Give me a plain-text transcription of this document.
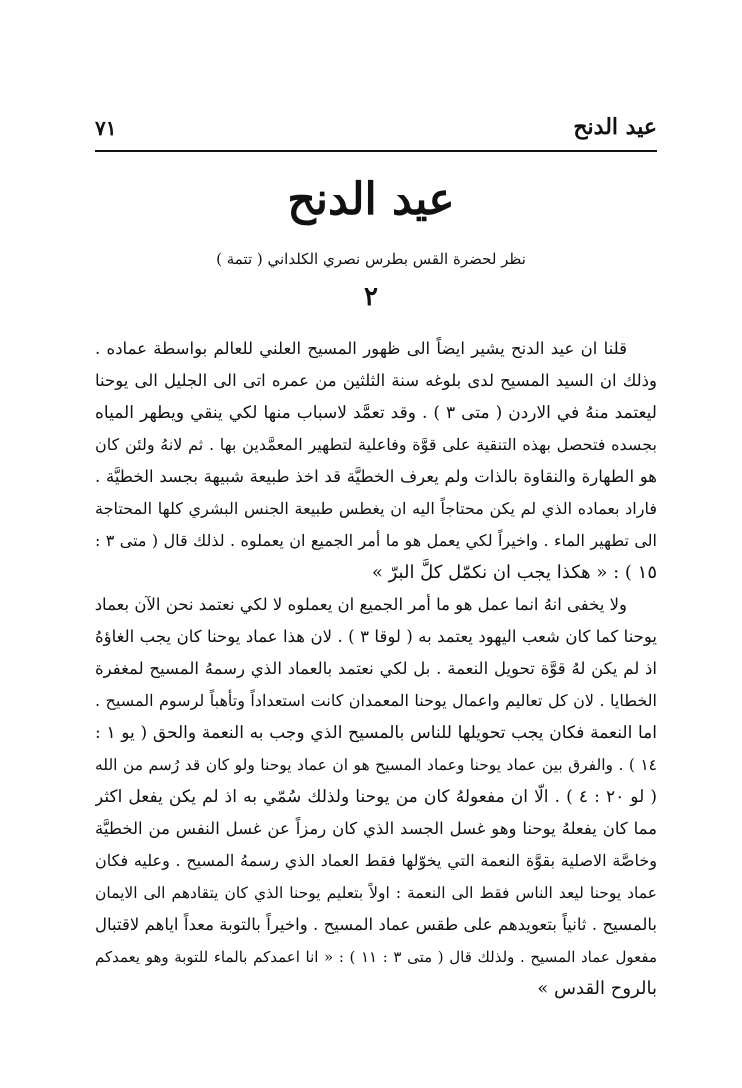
عيد الدنح
٧١
عيد الدنح
نظر لحضرة القس بطرس نصري الكلداني ( تتمة )
٢
قلنا ان عيد الدنح يشير ايضاً الى ظهور المسيح العلني للعالم بواسطة عماده .
وذلك ان السيد المسيح لدى بلوغه سنة الثلثين من عمره اتى الى الجليل الى يوحنا
ليعتمد منهُ في الاردن ( متى ٣ ) . وقد تعمَّد لاسباب منها لكي ينقي ويطهر المياه
بجسده فتحصل بهذه التنقية على قوَّة وفاعلية لتطهير المعمَّدين بها . ثم لانهُ ولئن كان
هو الطهارة والنقاوة بالذات ولم يعرف الخطيَّة قد اخذ طبيعة شبيهة بجسد الخطيَّة .
فاراد بعماده الذي لم يكن محتاجاً اليه ان يغطس طبيعة الجنس البشري كلها المحتاجة
الى تطهير الماء . واخيراً لكي يعمل هو ما أمر الجميع ان يعملوه . لذلك قال ( متى ٣ :
١٥ ) : « هكذا يجب ان نكمّل كلَّ البرّ »
ولا يخفى انهُ انما عمل هو ما أمر الجميع ان يعملوه لا لكي نعتمد نحن الآن بعماد
يوحنا كما كان شعب اليهود يعتمد به ( لوقا ٣ ) . لان هذا عماد يوحنا كان يجب الغاؤهُ
اذ لم يكن لهُ قوَّة تحويل النعمة . بل لكي نعتمد بالعماد الذي رسمهُ المسيح لمغفرة
الخطايا . لان كل تعاليم واعمال يوحنا المعمدان كانت استعداداً وتأهباً لرسوم المسيح .
اما النعمة فكان يجب تحويلها للناس بالمسيح الذي وجب به النعمة والحق ( يو ١ :
١٤ ) . والفرق بين عماد يوحنا وعماد المسيح هو ان عماد يوحنا ولو كان قد رُسم من الله
( لو ٢٠ : ٤ ) . الّا ان مفعولهُ كان من يوحنا ولذلك سُمّي به اذ لم يكن يفعل اكثر
مما كان يفعلهُ يوحنا وهو غسل الجسد الذي كان رمزاً عن غسل النفس من الخطيَّة
وخاصَّة الاصلية بقوَّة النعمة التي يخوّلها فقط العماد الذي رسمهُ المسيح . وعليه فكان
عماد يوحنا ليعد الناس فقط الى النعمة : اولاً بتعليم يوحنا الذي كان يتقادهم الى الايمان
بالمسيح . ثانياً بتعويدهم على طقس عماد المسيح . واخيراً بالتوبة معداً اياهم لاقتبال
مفعول عماد المسيح . ولذلك قال ( متى ٣ : ١١ ) : « انا اعمدكم بالماء للتوبة وهو يعمدكم
بالروح القدس »
